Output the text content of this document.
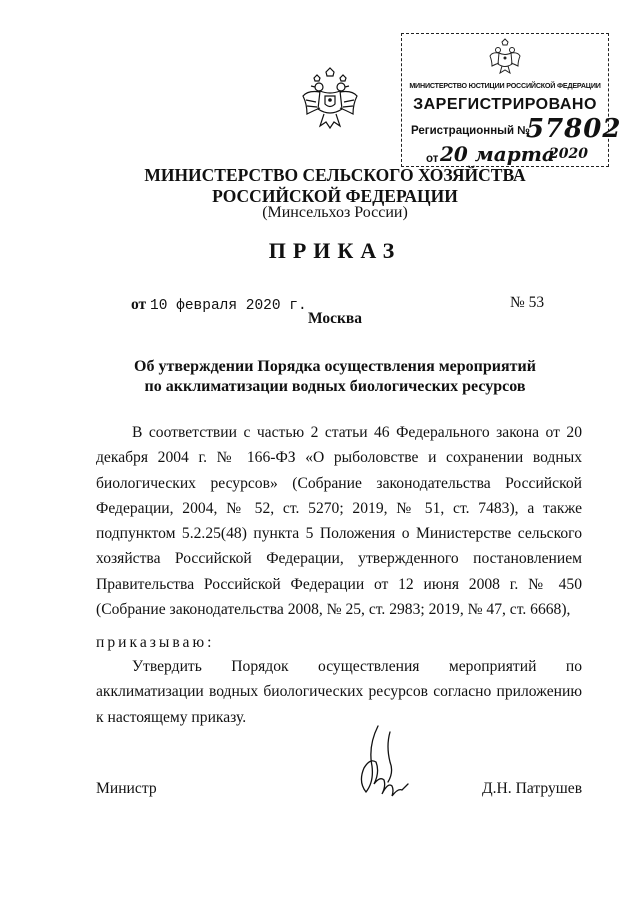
МИНИСТЕРСТВО ЮСТИЦИИ РОССИЙСКОЙ ФЕДЕРАЦИИ
ЗАРЕГИСТРИРОВАНО
Регистрационный №
57802
от 20 марта
2020
МИНИСТЕРСТВО СЕЛЬСКОГО ХОЗЯЙСТВА
РОССИЙСКОЙ ФЕДЕРАЦИИ
(Минсельхоз России)
ПРИКАЗ
от 10 февраля 2020 г.	№ 53
Москва
Об утверждении Порядка осуществления мероприятий
по акклиматизации водных биологических ресурсов
В соответствии с частью 2 статьи 46 Федерального закона от 20 декабря 2004 г. № 166-ФЗ «О рыболовстве и сохранении водных биологических ресурсов» (Собрание законодательства Российской Федерации, 2004, № 52, ст. 5270; 2019, № 51, ст. 7483), а также подпунктом 5.2.25(48) пункта 5 Положения о Министерстве сельского хозяйства Российской Федерации, утвержденного постановлением Правительства Российской Федерации от 12 июня 2008 г. № 450 (Собрание законодательства 2008, № 25, ст. 2983; 2019, № 47, ст. 6668),
приказываю:
Утвердить Порядок осуществления мероприятий по акклиматизации водных биологических ресурсов согласно приложению к настоящему приказу.
Министр	Д.Н. Патрушев
